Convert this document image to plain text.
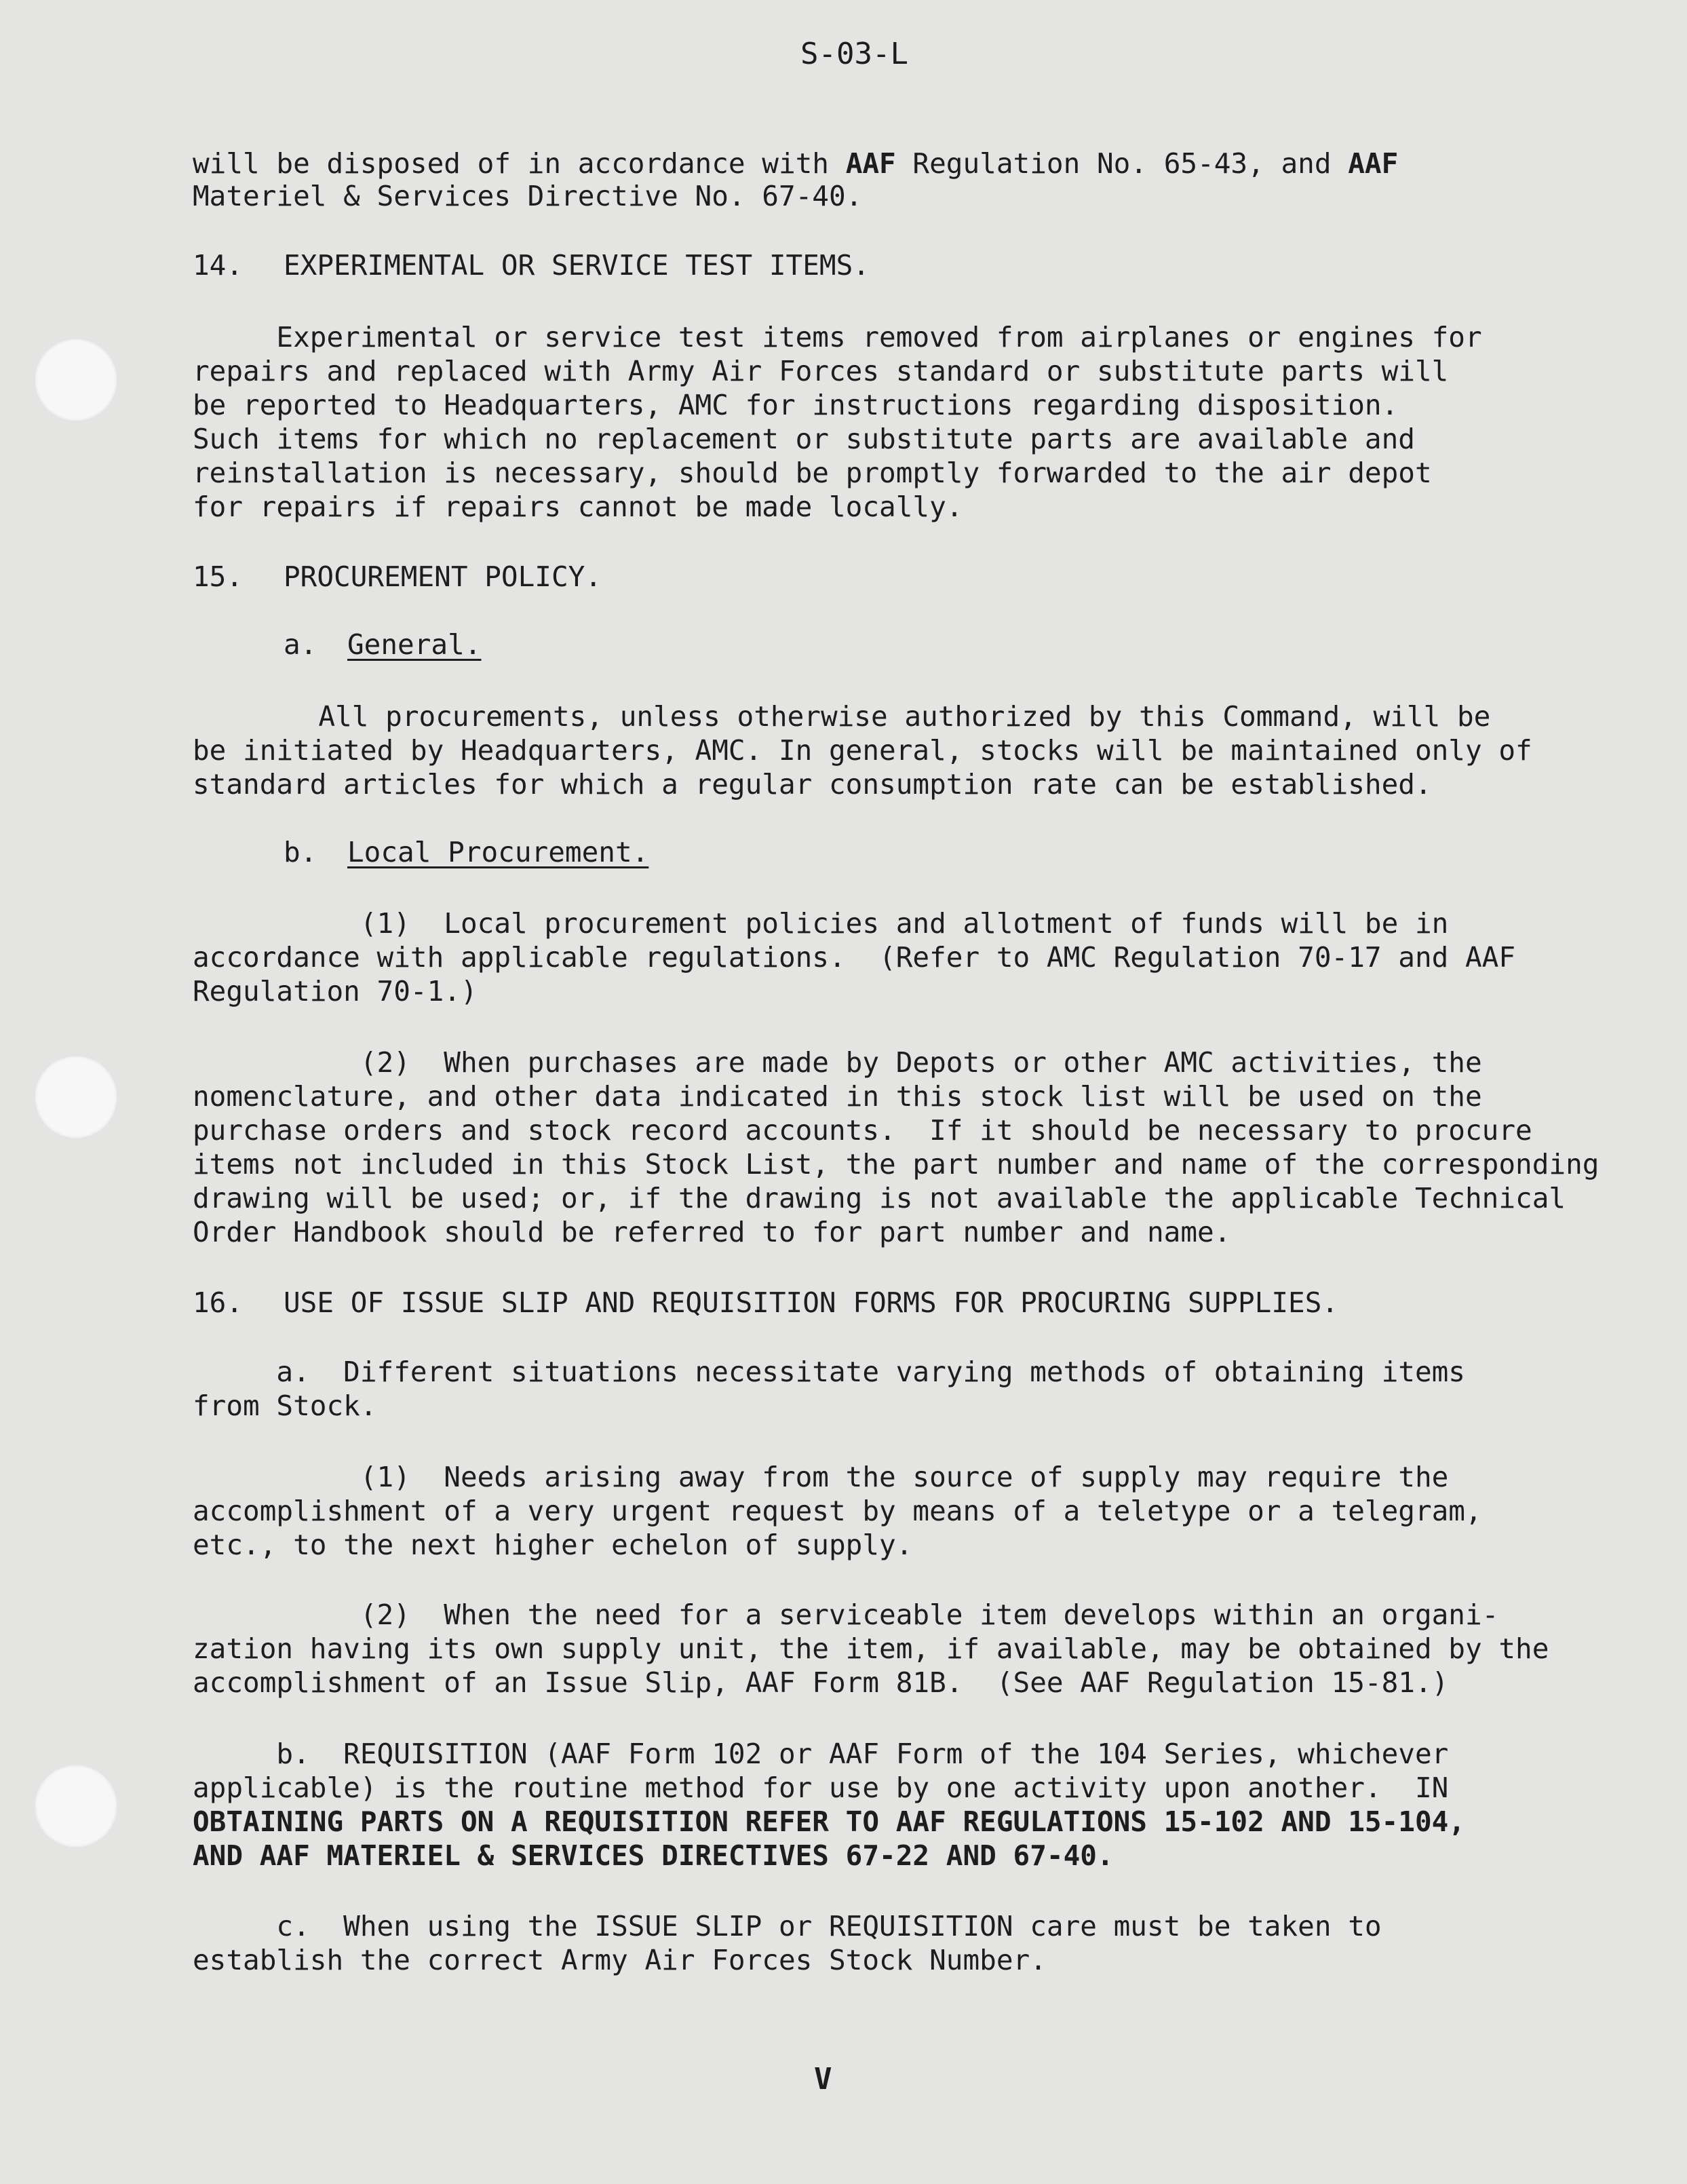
S-03-L
will be disposed of in accordance with AAF Regulation No. 65-43, and AAF
Materiel & Services Directive No. 67-40.
14. EXPERIMENTAL OR SERVICE TEST ITEMS.
Experimental or service test items removed from airplanes or engines for
repairs and replaced with Army Air Forces standard or substitute parts will
be reported to Headquarters, AMC for instructions regarding disposition.
Such items for which no replacement or substitute parts are available and
reinstallation is necessary, should be promptly forwarded to the air depot
for repairs if repairs cannot be made locally.
15. PROCUREMENT POLICY.
a. General.
All procurements, unless otherwise authorized by this Command, will be
be initiated by Headquarters, AMC. In general, stocks will be maintained only of
standard articles for which a regular consumption rate can be established.
b. Local Procurement.
(1)  Local procurement policies and allotment of funds will be in
accordance with applicable regulations.  (Refer to AMC Regulation 70-17 and AAF
Regulation 70-1.)
(2)  When purchases are made by Depots or other AMC activities, the
nomenclature, and other data indicated in this stock list will be used on the
purchase orders and stock record accounts.  If it should be necessary to procure
items not included in this Stock List, the part number and name of the corresponding
drawing will be used; or, if the drawing is not available the applicable Technical
Order Handbook should be referred to for part number and name.
16. USE OF ISSUE SLIP AND REQUISITION FORMS FOR PROCURING SUPPLIES.
a.  Different situations necessitate varying methods of obtaining items
from Stock.
(1)  Needs arising away from the source of supply may require the
accomplishment of a very urgent request by means of a teletype or a telegram,
etc., to the next higher echelon of supply.
(2)  When the need for a serviceable item develops within an organi-
zation having its own supply unit, the item, if available, may be obtained by the
accomplishment of an Issue Slip, AAF Form 81B.  (See AAF Regulation 15-81.)
b.  REQUISITION (AAF Form 102 or AAF Form of the 104 Series, whichever
applicable) is the routine method for use by one activity upon another.  IN
OBTAINING PARTS ON A REQUISITION REFER TO AAF REGULATIONS 15-102 AND 15-104,
AND AAF MATERIEL & SERVICES DIRECTIVES 67-22 AND 67-40.
c.  When using the ISSUE SLIP or REQUISITION care must be taken to
establish the correct Army Air Forces Stock Number.
V
